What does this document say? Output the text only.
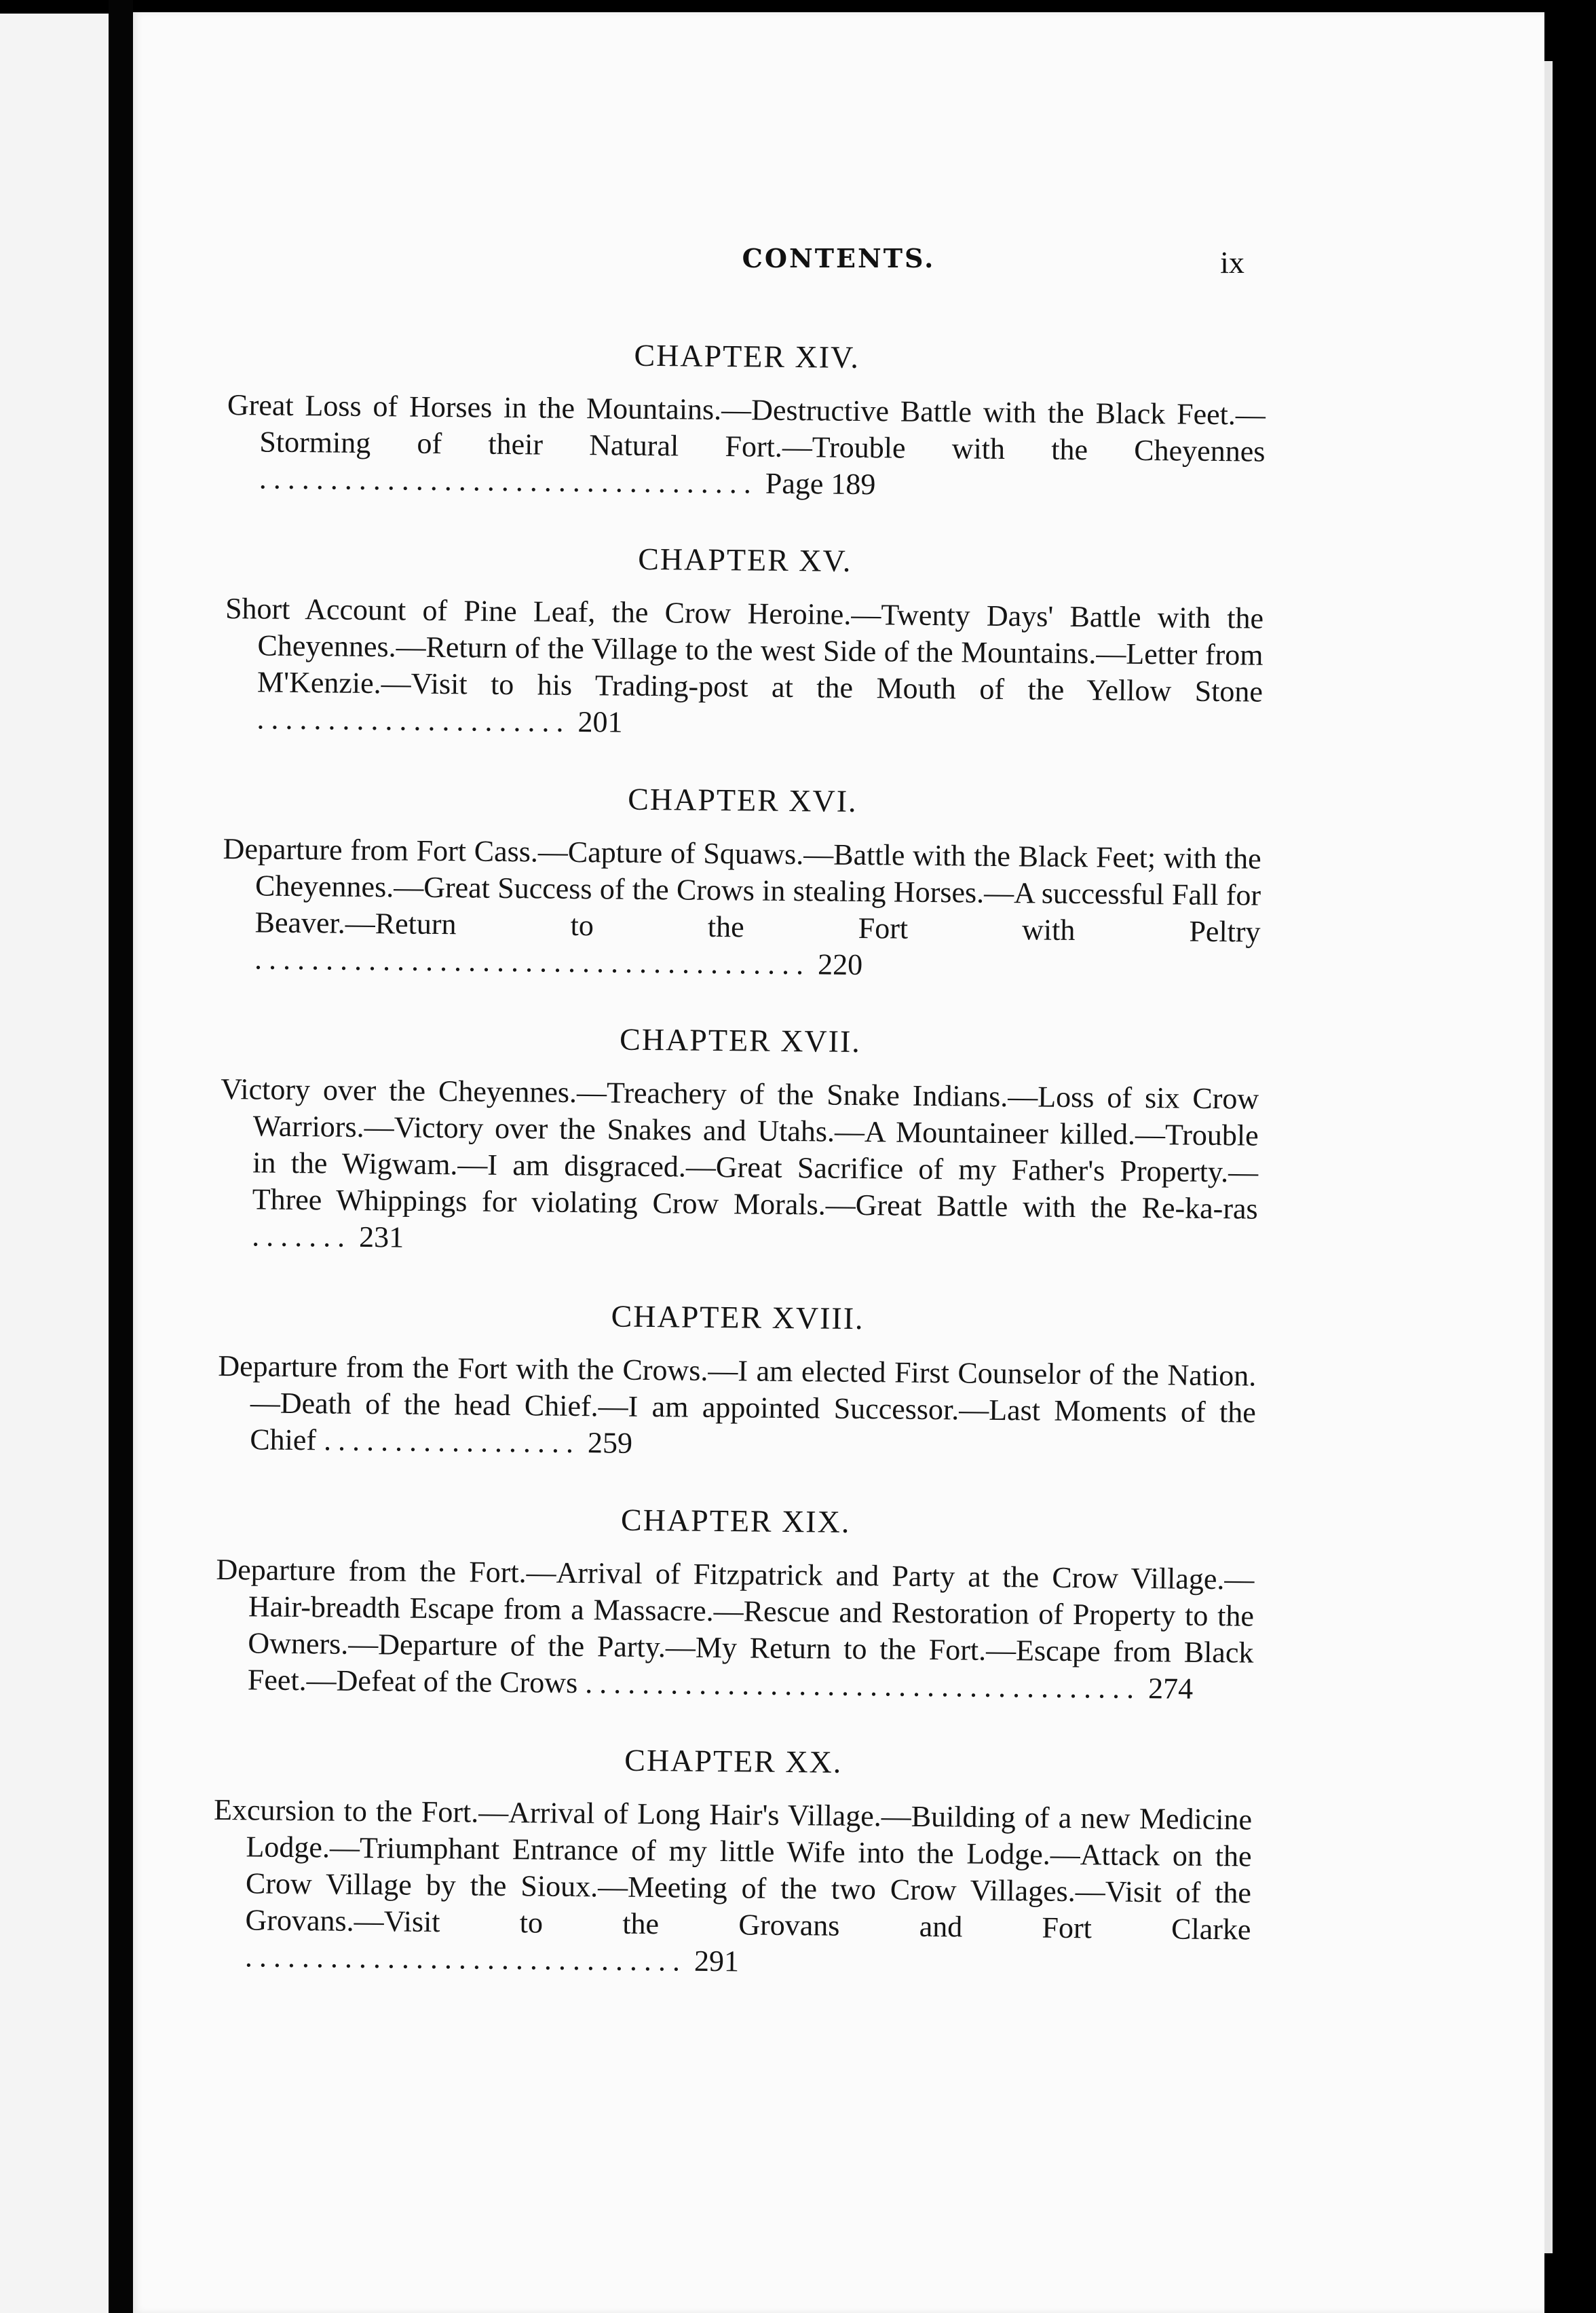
CONTENTS.	ix
CHAPTER XIV.

Great Loss of Horses in the Mountains.—Destructive Battle with the Black Feet.—Storming of their Natural Fort.—Trouble with the Cheyennes ................................... Page 189

CHAPTER XV.

Short Account of Pine Leaf, the Crow Heroine.—Twenty Days' Battle with the Cheyennes.—Return of the Village to the west Side of the Mountains.—Letter from M'Kenzie.—Visit to his Trading-post at the Mouth of the Yellow Stone ...................... 201

CHAPTER XVI.

Departure from Fort Cass.—Capture of Squaws.—Battle with the Black Feet; with the Cheyennes.—Great Success of the Crows in stealing Horses.—A successful Fall for Beaver.—Return to the Fort with Peltry ....................................... 220

CHAPTER XVII.

Victory over the Cheyennes.—Treachery of the Snake Indians.—Loss of six Crow Warriors.—Victory over the Snakes and Utahs.—A Mountaineer killed.—Trouble in the Wigwam.—I am disgraced.—Great Sacrifice of my Father's Property.—Three Whippings for violating Crow Morals.—Great Battle with the Re-ka-ras ....... 231

CHAPTER XVIII.

Departure from the Fort with the Crows.—I am elected First Counselor of the Nation.—Death of the head Chief.—I am appointed Successor.—Last Moments of the Chief .................. 259

CHAPTER XIX.

Departure from the Fort.—Arrival of Fitzpatrick and Party at the Crow Village.—Hair-breadth Escape from a Massacre.—Rescue and Restoration of Property to the Owners.—Departure of the Party.—My Return to the Fort.—Escape from Black Feet.—Defeat of the Crows ....................................... 274

CHAPTER XX.

Excursion to the Fort.—Arrival of Long Hair's Village.—Building of a new Medicine Lodge.—Triumphant Entrance of my little Wife into the Lodge.—Attack on the Crow Village by the Sioux.—Meeting of the two Crow Villages.—Visit of the Grovans.—Visit to the Grovans and Fort Clarke ............................... 291
